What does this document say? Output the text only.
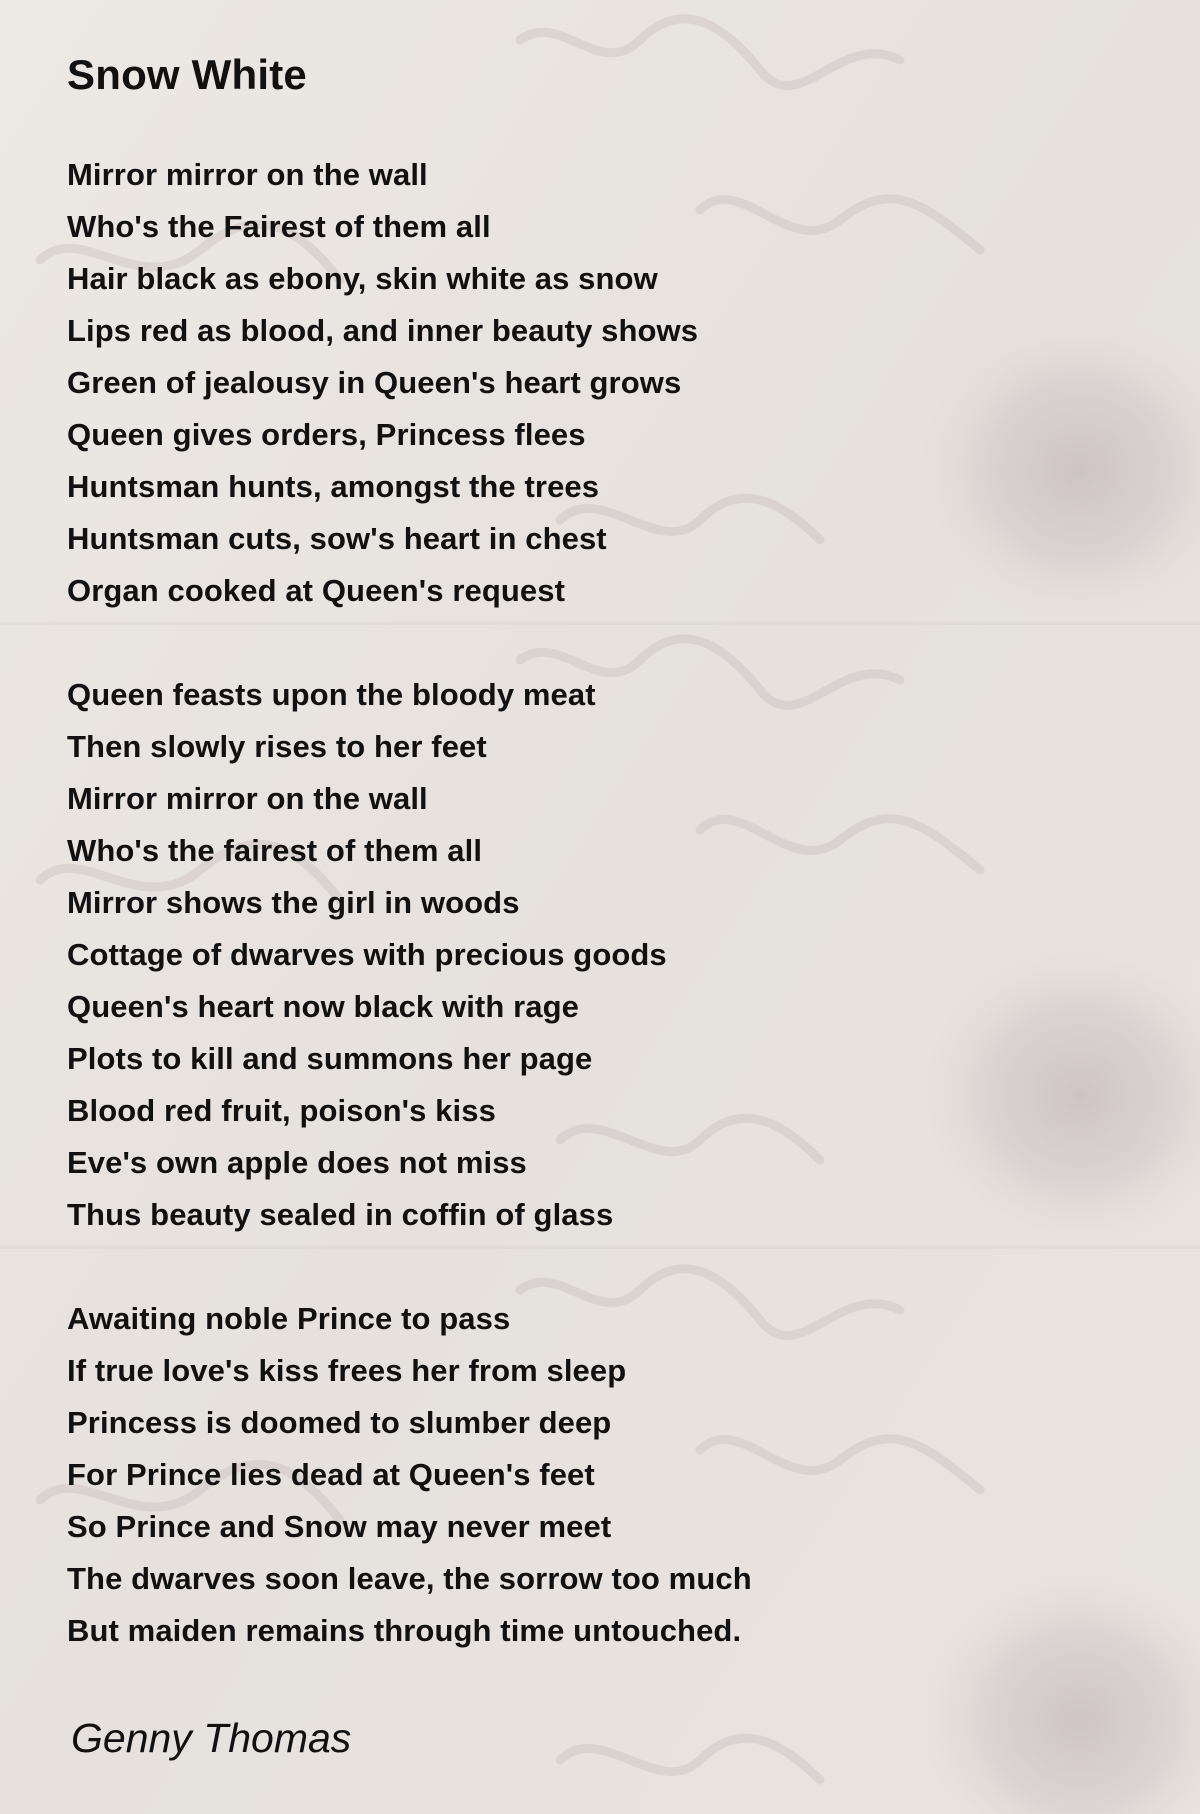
Snow White
Mirror mirror on the wall
Who's the Fairest of them all
Hair black as ebony, skin white as snow
Lips red as blood, and inner beauty shows
Green of jealousy in Queen's heart grows
Queen gives orders, Princess flees
Huntsman hunts, amongst the trees
Huntsman cuts, sow's heart in chest
Organ cooked at Queen's request
Queen feasts upon the bloody meat
Then slowly rises to her feet
Mirror mirror on the wall
Who's the fairest of them all
Mirror shows the girl in woods
Cottage of dwarves with precious goods
Queen's heart now black with rage
Plots to kill and summons her page
Blood red fruit, poison's kiss
Eve's own apple does not miss
Thus beauty sealed in coffin of glass
Awaiting noble Prince to pass
If true love's kiss frees her from sleep
Princess is doomed to slumber deep
For Prince lies dead at Queen's feet
So Prince and Snow may never meet
The dwarves soon leave, the sorrow too much
But maiden remains through time untouched.
Genny Thomas
